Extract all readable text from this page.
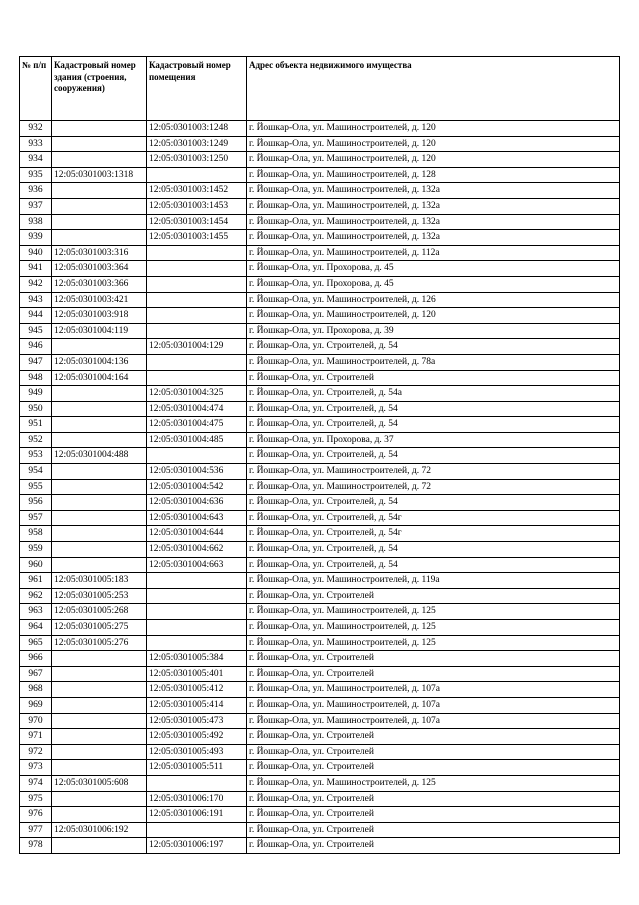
№ п/п	Кадастровый номер здания (строения, сооружения)	Кадастровый номер помещения	Адрес объекта недвижимого имущества
932		12:05:0301003:1248	г. Йошкар-Ола, ул. Машиностроителей, д. 120
933		12:05:0301003:1249	г. Йошкар-Ола, ул. Машиностроителей, д. 120
934		12:05:0301003:1250	г. Йошкар-Ола, ул. Машиностроителей, д. 120
935	12:05:0301003:1318		г. Йошкар-Ола, ул. Машиностроителей, д. 128
936		12:05:0301003:1452	г. Йошкар-Ола, ул. Машиностроителей, д. 132а
937		12:05:0301003:1453	г. Йошкар-Ола, ул. Машиностроителей, д. 132а
938		12:05:0301003:1454	г. Йошкар-Ола, ул. Машиностроителей, д. 132а
939		12:05:0301003:1455	г. Йошкар-Ола, ул. Машиностроителей, д. 132а
940	12:05:0301003:316		г. Йошкар-Ола, ул. Машиностроителей, д. 112а
941	12:05:0301003:364		г. Йошкар-Ола, ул. Прохорова, д. 45
942	12:05:0301003:366		г. Йошкар-Ола, ул. Прохорова, д. 45
943	12:05:0301003:421		г. Йошкар-Ола, ул. Машиностроителей, д. 126
944	12:05:0301003:918		г. Йошкар-Ола, ул. Машиностроителей, д. 120
945	12:05:0301004:119		г. Йошкар-Ола, ул. Прохорова, д. 39
946		12:05:0301004:129	г. Йошкар-Ола, ул. Строителей, д. 54
947	12:05:0301004:136		г. Йошкар-Ола, ул. Машиностроителей, д. 78а
948	12:05:0301004:164		г. Йошкар-Ола, ул. Строителей
949		12:05:0301004:325	г. Йошкар-Ола, ул. Строителей, д. 54а
950		12:05:0301004:474	г. Йошкар-Ола, ул. Строителей, д. 54
951		12:05:0301004:475	г. Йошкар-Ола, ул. Строителей, д. 54
952		12:05:0301004:485	г. Йошкар-Ола, ул. Прохорова, д. 37
953	12:05:0301004:488		г. Йошкар-Ола, ул. Строителей, д. 54
954		12:05:0301004:536	г. Йошкар-Ола, ул. Машиностроителей, д. 72
955		12:05:0301004:542	г. Йошкар-Ола, ул. Машиностроителей, д. 72
956		12:05:0301004:636	г. Йошкар-Ола, ул. Строителей, д. 54
957		12:05:0301004:643	г. Йошкар-Ола, ул. Строителей, д. 54г
958		12:05:0301004:644	г. Йошкар-Ола, ул. Строителей, д. 54г
959		12:05:0301004:662	г. Йошкар-Ола, ул. Строителей, д. 54
960		12:05:0301004:663	г. Йошкар-Ола, ул. Строителей, д. 54
961	12:05:0301005:183		г. Йошкар-Ола, ул. Машиностроителей, д. 119а
962	12:05:0301005:253		г. Йошкар-Ола, ул. Строителей
963	12:05:0301005:268		г. Йошкар-Ола, ул. Машиностроителей, д. 125
964	12:05:0301005:275		г. Йошкар-Ола, ул. Машиностроителей, д. 125
965	12:05:0301005:276		г. Йошкар-Ола, ул. Машиностроителей, д. 125
966		12:05:0301005:384	г. Йошкар-Ола, ул. Строителей
967		12:05:0301005:401	г. Йошкар-Ола, ул. Строителей
968		12:05:0301005:412	г. Йошкар-Ола, ул. Машиностроителей, д. 107а
969		12:05:0301005:414	г. Йошкар-Ола, ул. Машиностроителей, д. 107а
970		12:05:0301005:473	г. Йошкар-Ола, ул. Машиностроителей, д. 107а
971		12:05:0301005:492	г. Йошкар-Ола, ул. Строителей
972		12:05:0301005:493	г. Йошкар-Ола, ул. Строителей
973		12:05:0301005:511	г. Йошкар-Ола, ул. Строителей
974	12:05:0301005:608		г. Йошкар-Ола, ул. Машиностроителей, д. 125
975		12:05:0301006:170	г. Йошкар-Ола, ул. Строителей
976		12:05:0301006:191	г. Йошкар-Ола, ул. Строителей
977	12:05:0301006:192		г. Йошкар-Ола, ул. Строителей
978		12:05:0301006:197	г. Йошкар-Ола, ул. Строителей
